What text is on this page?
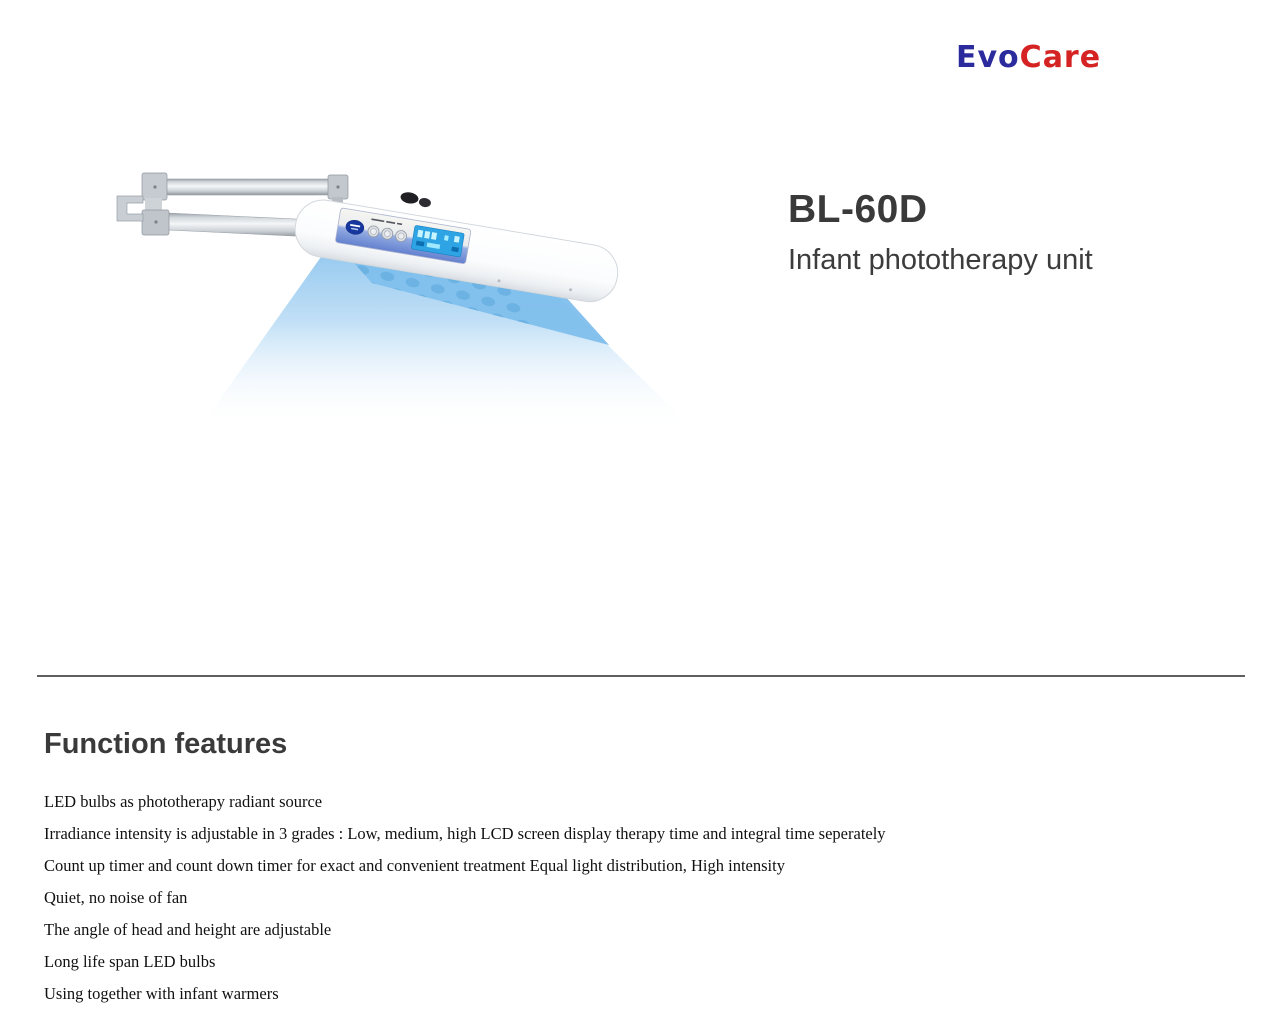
EvoCare
BL-60D

Infant phototherapy unit

Function features

LED bulbs as phototherapy radiant source

Irradiance intensity is adjustable in 3 grades : Low, medium, high LCD screen display therapy time and integral time seperately

Count up timer and count down timer for exact and convenient treatment Equal light distribution, High intensity

Quiet, no noise of fan

The angle of head and height are adjustable

Long life span LED bulbs

Using together with infant warmers
